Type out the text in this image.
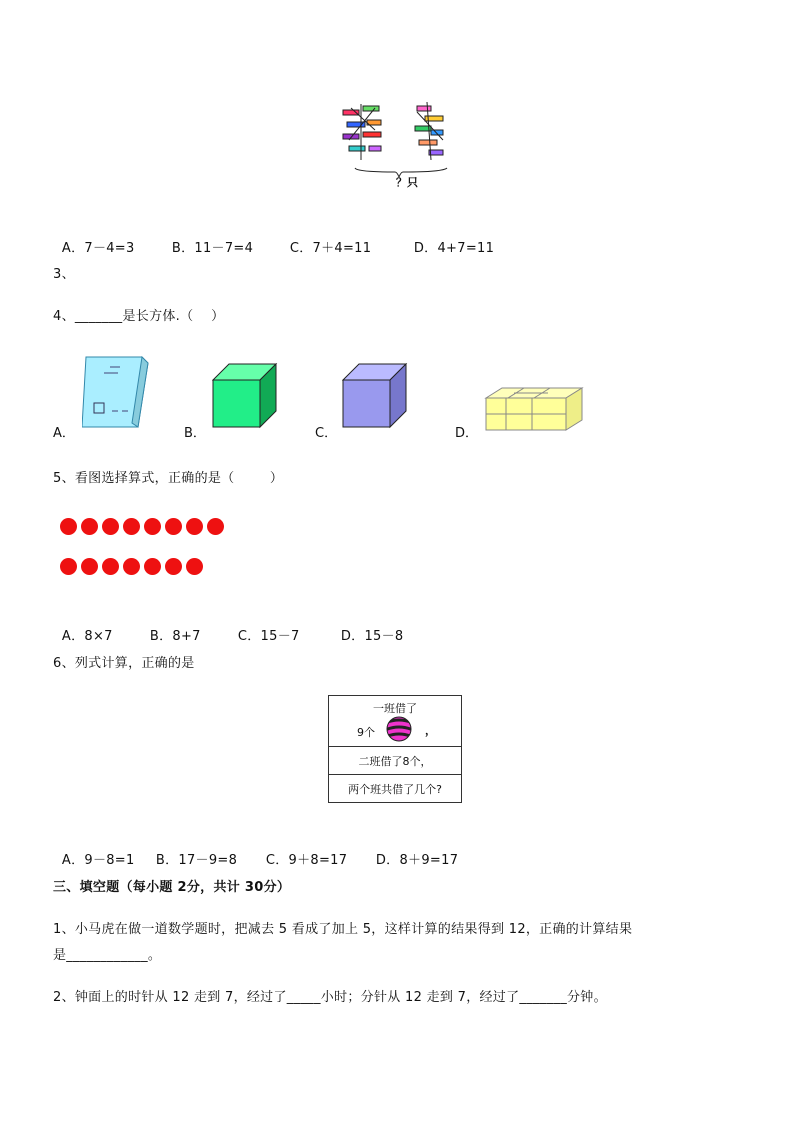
？只

A．7－4=3	B．11－7=4	C．7＋4=11	D．4+7=11

3、
4、_______是长方体.（    ）
A．	B．	C．	D．
5、看图选择算式，正确的是（        ）

A．8×7	B．8+7	C．15－7	D．15－8

6、列式计算，正确的是
一班借了
9个	，
二班借了8个，
两个班共借了几个?

A．9－8=1 B．17－9=8 C．9＋8=17 D．8＋9=17

三、填空题（每小题 2分，共计 30分）
1、小马虎在做一道数学题时，把减去 5 看成了加上 5，这样计算的结果得到 12，正确的计算结果
是____________。
2、钟面上的时针从 12 走到 7，经过了_____小时；分针从 12 走到 7，经过了_______分钟。
